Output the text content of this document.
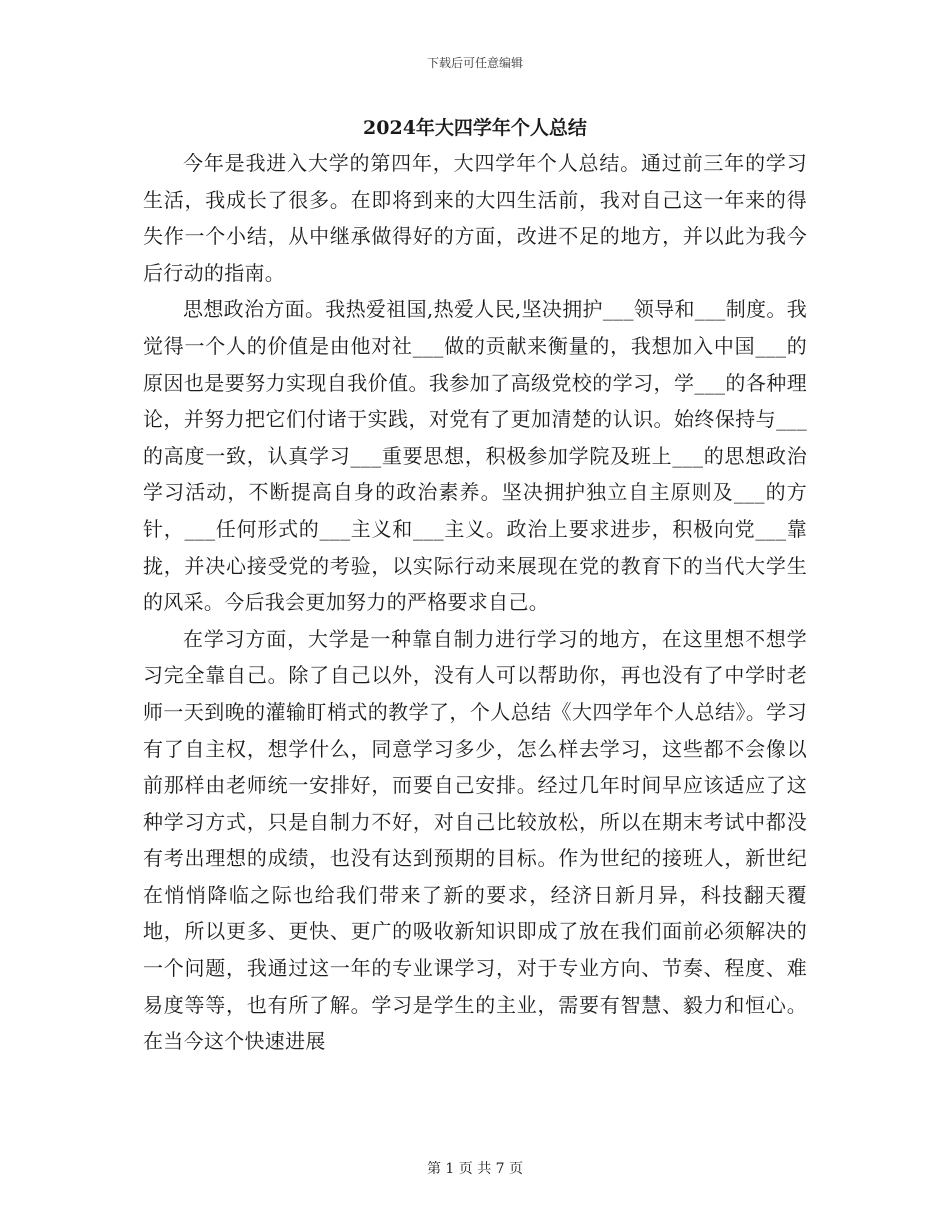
下载后可任意编辑
2024年大四学年个人总结

今年是我进入大学的第四年，大四学年个人总结。通过前三年的学习生活，我成长了很多。在即将到来的大四生活前，我对自己这一年来的得失作一个小结，从中继承做得好的方面，改进不足的地方，并以此为我今后行动的指南。

思想政治方面。我热爱祖国,热爱人民,坚决拥护___领导和___制度。我觉得一个人的价值是由他对社___做的贡献来衡量的，我想加入中国___的原因也是要努力实现自我价值。我参加了高级党校的学习，学___的各种理论，并努力把它们付诸于实践，对党有了更加清楚的认识。始终保持与___的高度一致，认真学习___重要思想，积极参加学院及班上___的思想政治学习活动，不断提高自身的政治素养。坚决拥护独立自主原则及___的方针，___任何形式的___主义和___主义。政治上要求进步，积极向党___靠拢，并决心接受党的考验，以实际行动来展现在党的教育下的当代大学生的风采。今后我会更加努力的严格要求自己。

在学习方面，大学是一种靠自制力进行学习的地方，在这里想不想学习完全靠自己。除了自己以外，没有人可以帮助你，再也没有了中学时老师一天到晚的灌输盯梢式的教学了，个人总结《大四学年个人总结》。学习有了自主权，想学什么，同意学习多少，怎么样去学习，这些都不会像以前那样由老师统一安排好，而要自己安排。经过几年时间早应该适应了这种学习方式，只是自制力不好，对自己比较放松，所以在期末考试中都没有考出理想的成绩，也没有达到预期的目标。作为世纪的接班人，新世纪在悄悄降临之际也给我们带来了新的要求，经济日新月异，科技翻天覆地，所以更多、更快、更广的吸收新知识即成了放在我们面前必须解决的一个问题，我通过这一年的专业课学习，对于专业方向、节奏、程度、难易度等等，也有所了解。学习是学生的主业，需要有智慧、毅力和恒心。在当今这个快速进展

第 1 页 共 7 页
